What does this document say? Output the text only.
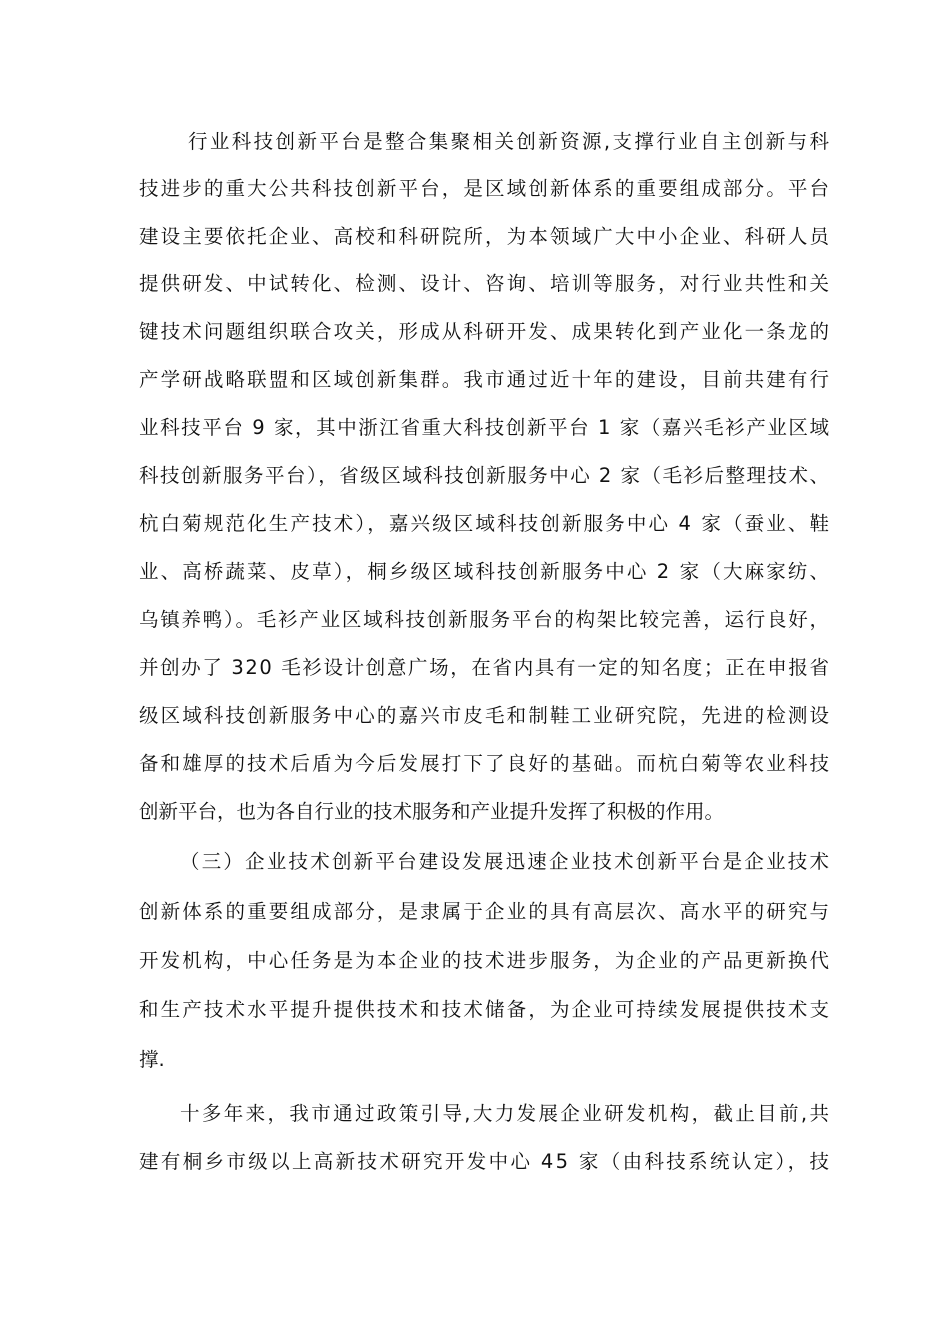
行业科技创新平台是整合集聚相关创新资源,支撑行业自主创新与科

技进步的重大公共科技创新平台，是区域创新体系的重要组成部分。平台

建设主要依托企业、高校和科研院所，为本领域广大中小企业、科研人员

提供研发、中试转化、检测、设计、咨询、培训等服务，对行业共性和关

键技术问题组织联合攻关，形成从科研开发、成果转化到产业化一条龙的

产学研战略联盟和区域创新集群。我市通过近十年的建设，目前共建有行

业科技平台 9 家，其中浙江省重大科技创新平台 1 家（嘉兴毛衫产业区域

科技创新服务平台），省级区域科技创新服务中心 2 家（毛衫后整理技术、

杭白菊规范化生产技术），嘉兴级区域科技创新服务中心 4 家（蚕业、鞋

业、高桥蔬菜、皮草），桐乡级区域科技创新服务中心 2 家（大麻家纺、

乌镇养鸭）。毛衫产业区域科技创新服务平台的构架比较完善，运行良好，

并创办了 320 毛衫设计创意广场，在省内具有一定的知名度；正在申报省

级区域科技创新服务中心的嘉兴市皮毛和制鞋工业研究院，先进的检测设

备和雄厚的技术后盾为今后发展打下了良好的基础。而杭白菊等农业科技

创新平台，也为各自行业的技术服务和产业提升发挥了积极的作用。

（三）企业技术创新平台建设发展迅速企业技术创新平台是企业技术

创新体系的重要组成部分，是隶属于企业的具有高层次、高水平的研究与

开发机构，中心任务是为本企业的技术进步服务，为企业的产品更新换代

和生产技术水平提升提供技术和技术储备，为企业可持续发展提供技术支

撑.

十多年来，我市通过政策引导,大力发展企业研发机构，截止目前,共

建有桐乡市级以上高新技术研究开发中心 45 家（由科技系统认定），技
